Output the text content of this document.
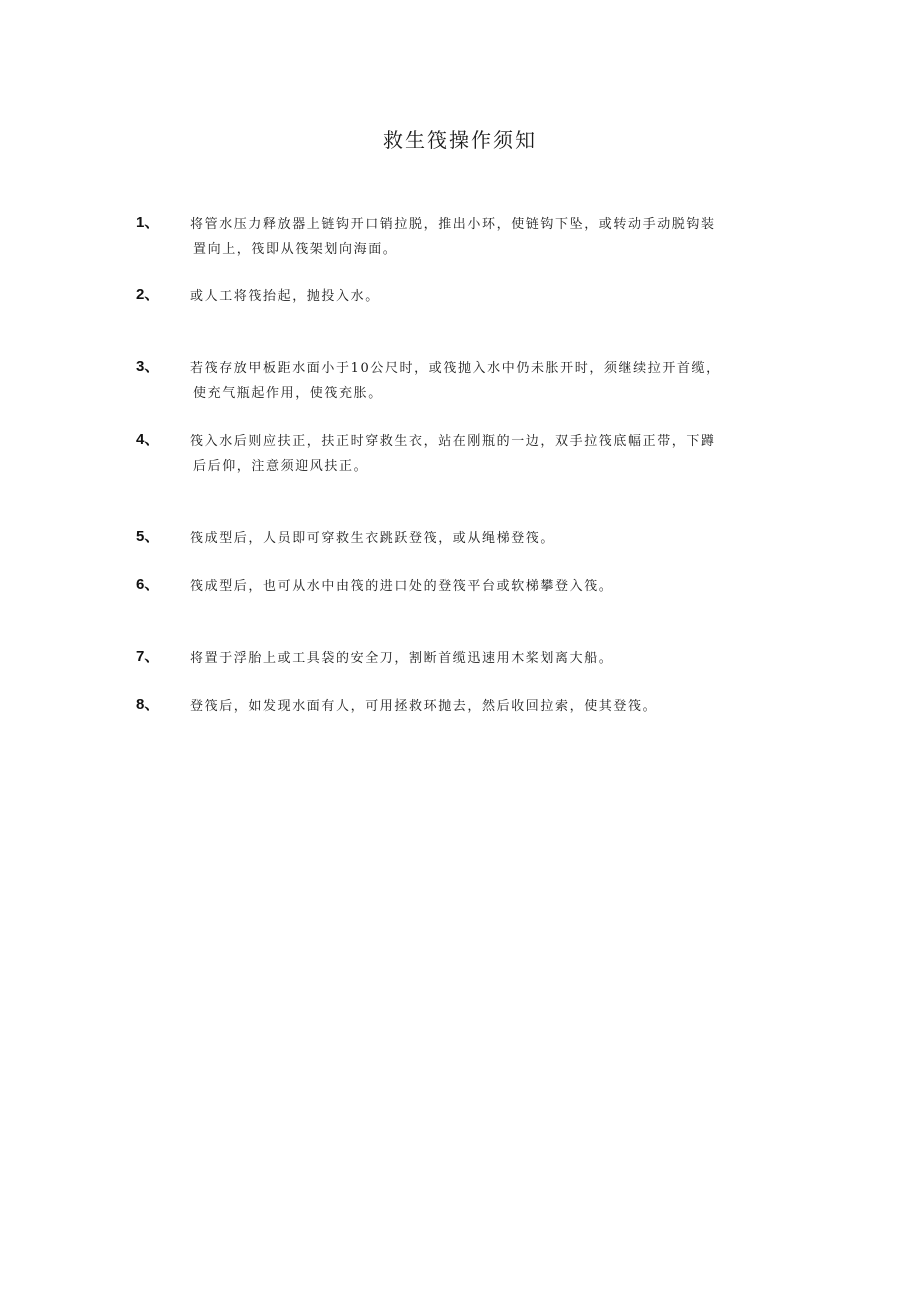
救生筏操作须知
1、 将管水压力释放器上链钩开口销拉脱，推出小环，使链钩下坠，或转动手动脱钩装
置向上，筏即从筏架划向海面。
2、 或人工将筏抬起，抛投入水。
3、 若筏存放甲板距水面小于10公尺时，或筏抛入水中仍未胀开时，须继续拉开首缆，
使充气瓶起作用，使筏充胀。
4、 筏入水后则应扶正，扶正时穿救生衣，站在刚瓶的一边，双手拉筏底幅正带，下蹲
后后仰，注意须迎风扶正。
5、 筏成型后，人员即可穿救生衣跳跃登筏，或从绳梯登筏。
6、 筏成型后，也可从水中由筏的进口处的登筏平台或软梯攀登入筏。
7、 将置于浮胎上或工具袋的安全刀，割断首缆迅速用木桨划离大船。
8、 登筏后，如发现水面有人，可用拯救环抛去，然后收回拉索，使其登筏。
